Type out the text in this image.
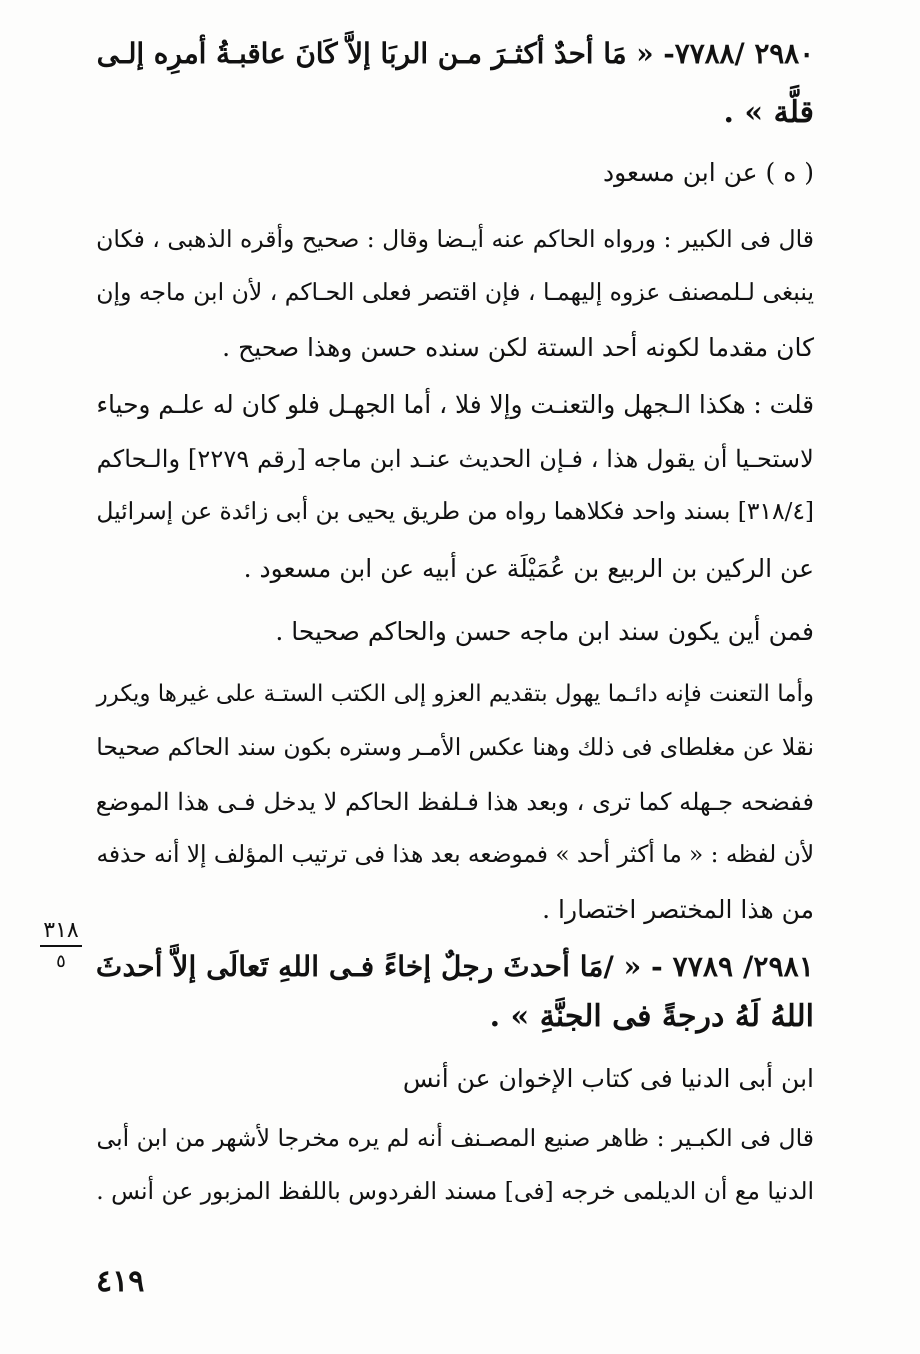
٢٩٨٠ /٧٧٨٨- « مَا أحدٌ أكثـرَ مـن الربَا إلاَّ كَانَ عاقبـةُ أمرِه إلـى
قلَّة » .
( ه ) عن ابن مسعود
قال فى الكبير : ورواه الحاكم عنه أيـضا وقال : صحيح وأقره الذهبى ، فكان
ينبغى لـلمصنف عزوه إليهمـا ، فإن اقتصر فعلى الحـاكم ، لأن ابن ماجه وإن
كان مقدما لكونه أحد الستة لكن سنده حسن وهذا صحيح .
قلت : هكذا الـجهل والتعنـت وإلا فلا ، أما الجهـل فلو كان له علـم وحياء
لاستحـيا أن يقول هذا ، فـإن الحديث عنـد ابن ماجه [رقم ٢٢٧٩] والـحاكم
[٣١٨/٤] بسند واحد فكلاهما رواه من طريق يحيى بن أبى زائدة عن إسرائيل
عن الركين بن الربيع بن عُمَيْلَة عن أبيه عن ابن مسعود .
فمن أين يكون سند ابن ماجه حسن والحاكم صحيحا .
وأما التعنت فإنه دائـما يهول بتقديم العزو إلى الكتب الستـة على غيرها ويكرر
نقلا عن مغلطاى فى ذلك وهنا عكس الأمـر وستره بكون سند الحاكم صحيحا
ففضحه جـهله كما ترى ، وبعد هذا فـلفظ الحاكم لا يدخل فـى هذا الموضع
لأن لفظه : « ما أكثر أحد » فموضعه بعد هذا فى ترتيب المؤلف إلا أنه حذفه
من هذا المختصر اختصارا .
٣١٨
٥	٢٩٨١/ ٧٧٨٩ - « /مَا أحدثَ رجلٌ إخاءً فـى اللهِ تَعالَى إلاَّ أحدثَ
اللهُ لَهُ درجةً فى الجنَّةِ » .
ابن أبى الدنيا فى كتاب الإخوان عن أنس
قال فى الكبـير : ظاهر صنيع المصـنف أنه لم يره مخرجا لأشهر من ابن أبى
الدنيا مع أن الديلمى خرجه [فى] مسند الفردوس باللفظ المزبور عن أنس .
٤١٩
